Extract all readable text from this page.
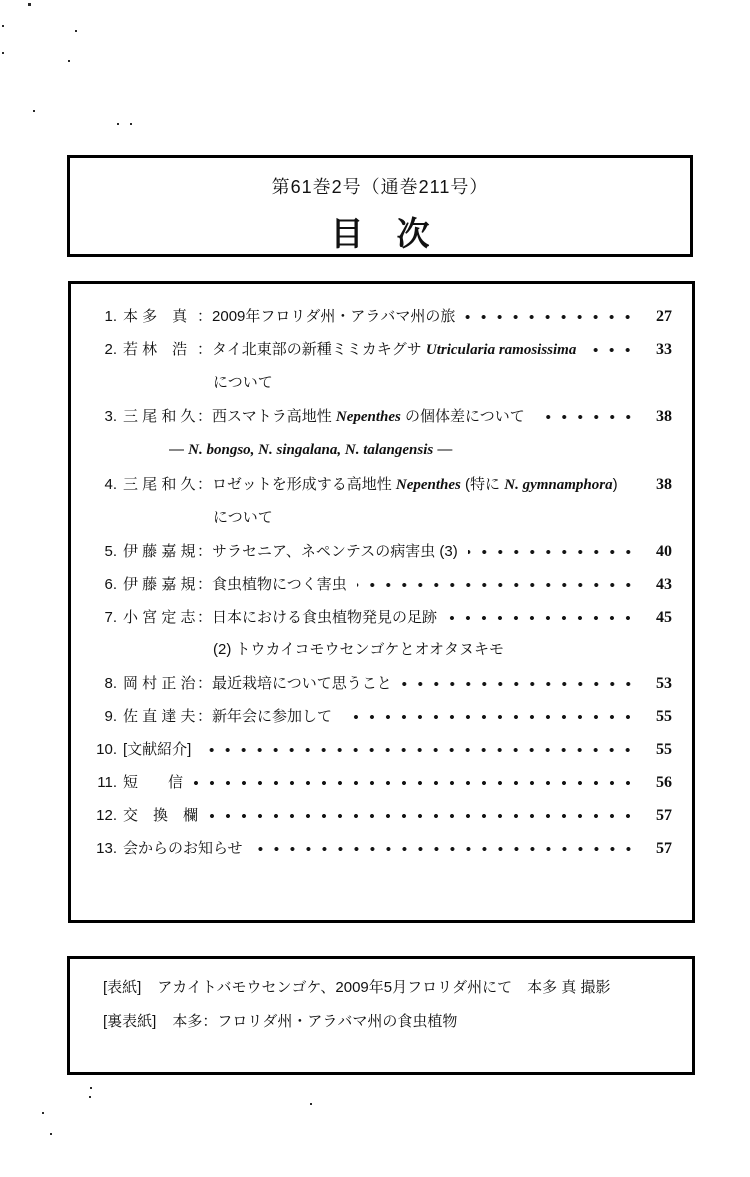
第61巻2号（通巻211号）
目　次
1. 本 多　真 ： 2009年フロリダ州・アラバマ州の旅	27
2. 若 林　浩 ： タイ北東部の新種ミミカキグサ Utricularia ramosissima	33
について
3. 三 尾 和 久 ： 西スマトラ高地性 Nepenthes の個体差について	38
― N. bongso, N. singalana, N. talangensis ―
4. 三 尾 和 久 ： ロゼットを形成する高地性 Nepenthes (特に N. gymnamphora)	38
について
5. 伊 藤 嘉 規 ： サラセニア、ネペンテスの病害虫 (3)	40
6. 伊 藤 嘉 規 ： 食虫植物につく害虫	43
7. 小 宮 定 志 ： 日本における食虫植物発見の足跡	45
(2) トウカイコモウセンゴケとオオタヌキモ
8. 岡 村 正 治 ： 最近栽培について思うこと	53
9. 佐 直 達 夫 ： 新年会に参加して	55
10. [文献紹介]	55
11. 短　　信	56
12. 交　換　欄	57
13. 会からのお知らせ	57
[表紙] アカイトバモウセンゴケ、2009年5月フロリダ州にて　本多 真 撮影
[裏表紙] 本多：フロリダ州・アラバマ州の食虫植物
